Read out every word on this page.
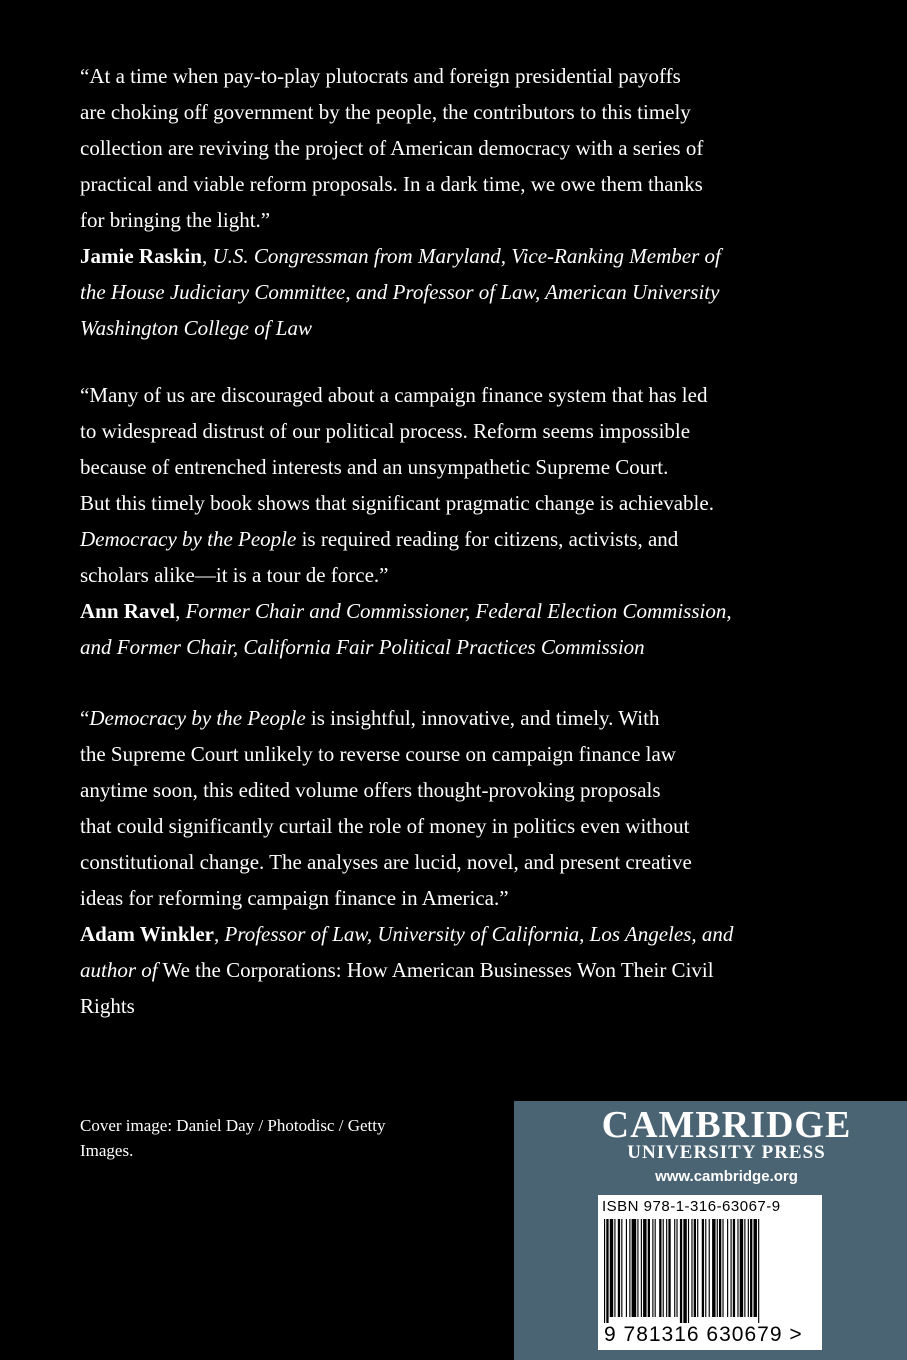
“At a time when pay-to-play plutocrats and foreign presidential payoffs
are choking off government by the people, the contributors to this timely
collection are reviving the project of American democracy with a series of
practical and viable reform proposals. In a dark time, we owe them thanks
for bringing the light.”
Jamie Raskin, U.S. Congressman from Maryland, Vice-Ranking Member of
the House Judiciary Committee, and Professor of Law, American University
Washington College of Law
“Many of us are discouraged about a campaign finance system that has led
to widespread distrust of our political process. Reform seems impossible
because of entrenched interests and an unsympathetic Supreme Court.
But this timely book shows that significant pragmatic change is achievable.
Democracy by the People is required reading for citizens, activists, and
scholars alike—it is a tour de force.”
Ann Ravel, Former Chair and Commissioner, Federal Election Commission,
and Former Chair, California Fair Political Practices Commission
“Democracy by the People is insightful, innovative, and timely. With
the Supreme Court unlikely to reverse course on campaign finance law
anytime soon, this edited volume offers thought-provoking proposals
that could significantly curtail the role of money in politics even without
constitutional change. The analyses are lucid, novel, and present creative
ideas for reforming campaign finance in America.”
Adam Winkler, Professor of Law, University of California, Los Angeles, and
author of We the Corporations: How American Businesses Won Their Civil
Rights
Cover image: Daniel Day / Photodisc / Getty
Images.
CAMBRIDGE
UNIVERSITY PRESS
www.cambridge.org
ISBN 978-1-316-63067-9
9 781316 630679 >
